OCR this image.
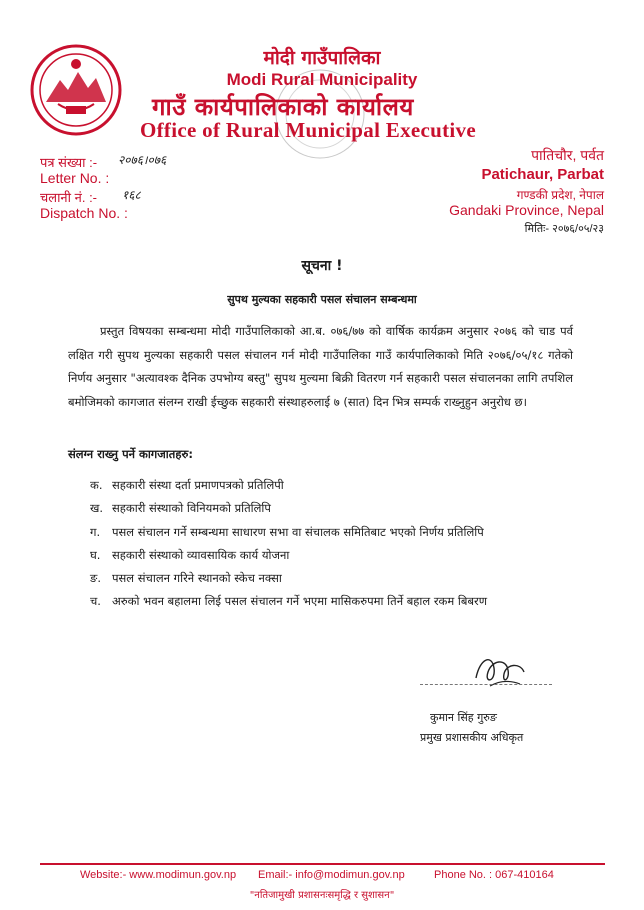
मोदी गाउँपालिका
Modi Rural Municipality
गाउँ कार्यपालिकाको कार्यालय
Office of Rural Municipal Executive
पत्र संख्या :- २०७६।०७६
Letter No. :
चलानी नं. :- १६८
Dispatch No. :
पातिचौर, पर्वत
Patichaur, Parbat
गण्डकी प्रदेश, नेपाल
Gandaki Province, Nepal
मितिः- २०७६/०५/२३
सूचना !
सुपथ मुल्यका सहकारी पसल संचालन सम्बन्धमा
प्रस्तुत विषयका सम्बन्धमा मोदी गाउँपालिकाको आ.ब. ०७६/७७ को वार्षिक कार्यक्रम अनुसार २०७६ को चाड पर्व लक्षित गरी सुपथ मुल्यका सहकारी पसल संचालन गर्न मोदी गाउँपालिका गाउँ कार्यपालिकाको मिति २०७६/०५/१८ गतेको निर्णय अनुसार "अत्यावश्क दैनिक उपभोग्य बस्तु" सुपथ मुल्यमा बिक्री वितरण गर्न सहकारी पसल संचालनका लागि तपशिल बमोजिमको कागजात संलग्न राखी ईच्छुक सहकारी संस्थाहरुलाई ७ (सात) दिन भित्र सम्पर्क राख्नुहुन अनुरोध छ।
संलग्न राख्नु पर्ने कागजातहरु:
क. सहकारी संस्था दर्ता प्रमाणपत्रको प्रतिलिपी
ख. सहकारी संस्थाको विनियमको प्रतिलिपि
ग.	पसल संचालन गर्ने सम्बन्धमा साधारण सभा वा संचालक समितिबाट भएको निर्णय प्रतिलिपि
घ.	सहकारी संस्थाको व्यावसायिक कार्य योजना
ङ. पसल संचालन गरिने स्थानको स्केच नक्सा
च. अरुको भवन बहालमा लिई पसल संचालन गर्ने भएमा मासिकरुपमा तिर्ने बहाल रकम बिबरण
कुमान सिंह गुरुङ
प्रमुख प्रशासकीय अधिकृत
Website:- www.modimun.gov.np Email:- info@modimun.gov.np	Phone No. : 067-410164
"नतिजामुखी प्रशासनःसमृद्धि र सुशासन"
